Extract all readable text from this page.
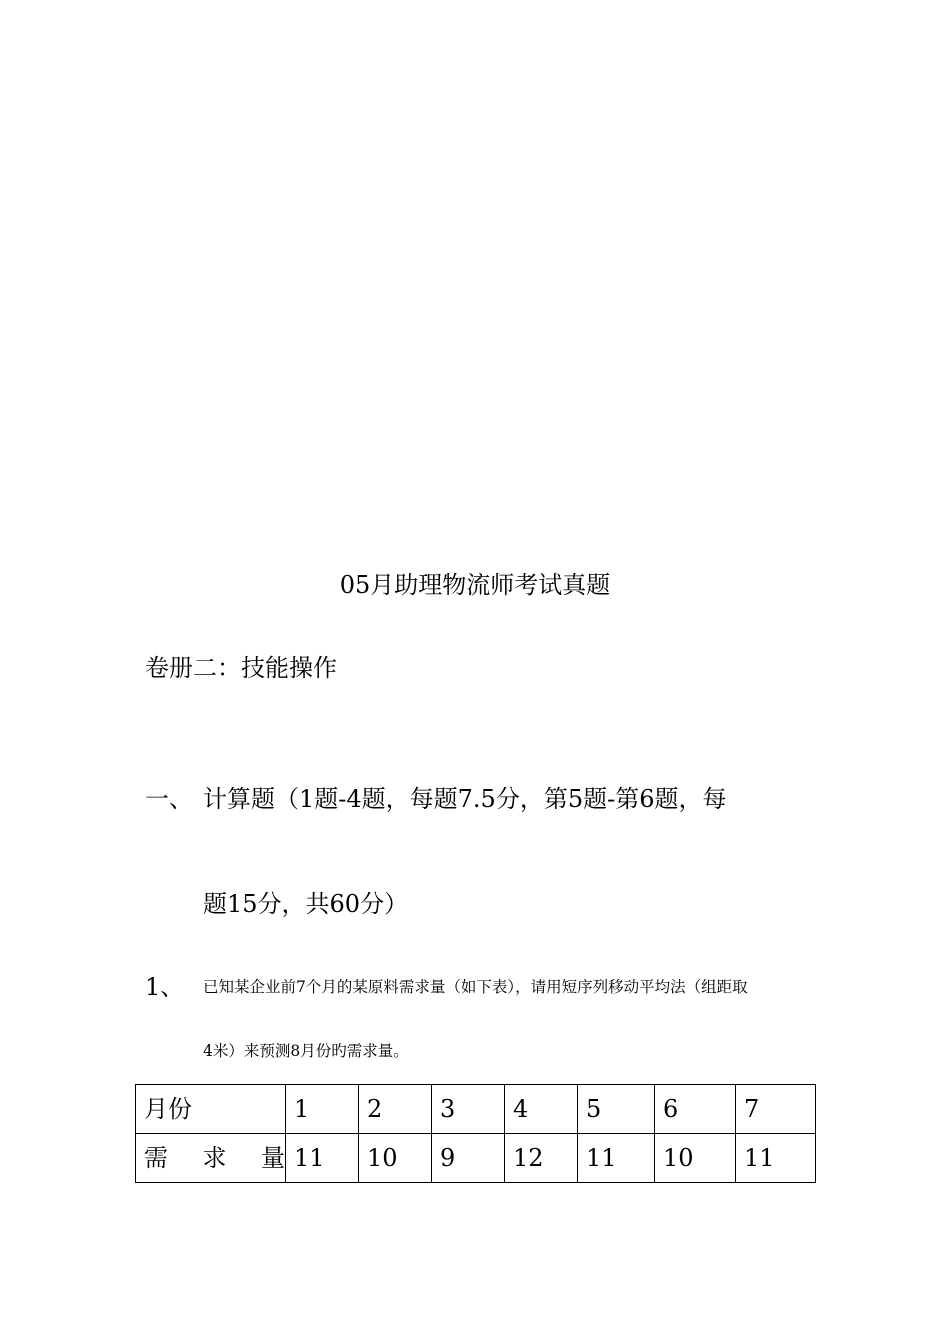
05月助理物流师考试真题
卷册二：技能操作
一、 计算题（1题-4题，每题7.5分，第5题-第6题，每
题15分，共60分）
1、 已知某企业前7个月的某原料需求量（如下表），请用短序列移动平均法（组距取
4米）来预测8月份旳需求量。
月份	1	2	3	4	5	6	7

需 求 量	11	10	9	12	11	10	11
